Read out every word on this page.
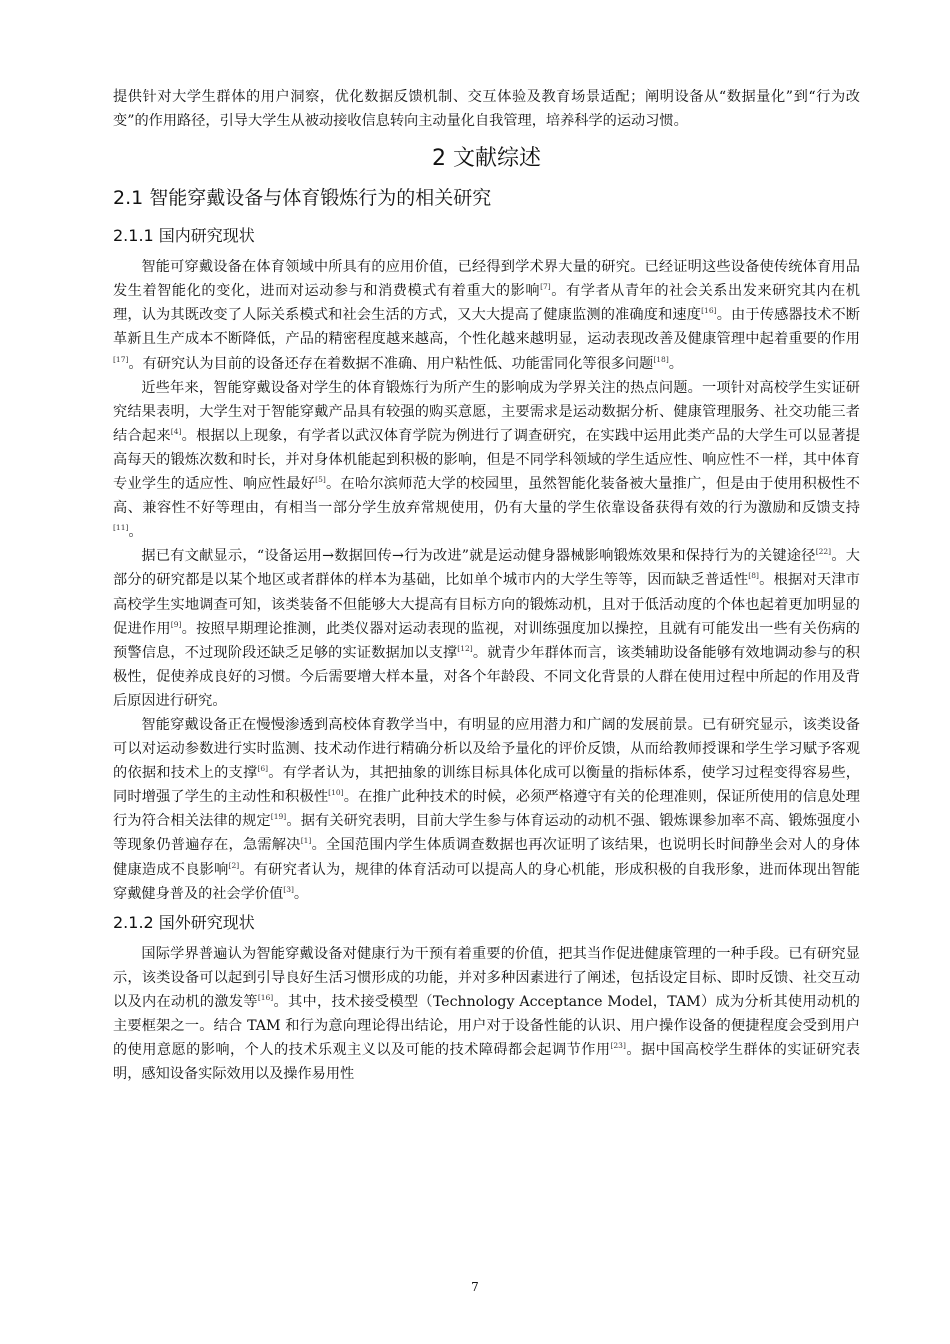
提供针对大学生群体的用户洞察，优化数据反馈机制、交互体验及教育场景适配；阐明设备从“数据量化”到“行为改变”的作用路径，引导大学生从被动接收信息转向主动量化自我管理，培养科学的运动习惯。

2 文献综述
2.1 智能穿戴设备与体育锻炼行为的相关研究
2.1.1 国内研究现状

智能可穿戴设备在体育领域中所具有的应用价值，已经得到学术界大量的研究。已经证明这些设备使传统体育用品发生着智能化的变化，进而对运动参与和消费模式有着重大的影响[7]。有学者从青年的社会关系出发来研究其内在机理，认为其既改变了人际关系模式和社会生活的方式，又大大提高了健康监测的准确度和速度[16]。由于传感器技术不断革新且生产成本不断降低，产品的精密程度越来越高，个性化越来越明显，运动表现改善及健康管理中起着重要的作用[17]。有研究认为目前的设备还存在着数据不准确、用户粘性低、功能雷同化等很多问题[18]。

近些年来，智能穿戴设备对学生的体育锻炼行为所产生的影响成为学界关注的热点问题。一项针对高校学生实证研究结果表明，大学生对于智能穿戴产品具有较强的购买意愿，主要需求是运动数据分析、健康管理服务、社交功能三者结合起来[4]。根据以上现象，有学者以武汉体育学院为例进行了调查研究，在实践中运用此类产品的大学生可以显著提高每天的锻炼次数和时长，并对身体机能起到积极的影响，但是不同学科领域的学生适应性、响应性不一样，其中体育专业学生的适应性、响应性最好[5]。在哈尔滨师范大学的校园里，虽然智能化装备被大量推广，但是由于使用积极性不高、兼容性不好等理由，有相当一部分学生放弃常规使用，仍有大量的学生依靠设备获得有效的行为激励和反馈支持[11]。

据已有文献显示，“设备运用→数据回传→行为改进”就是运动健身器械影响锻炼效果和保持行为的关键途径[22]。大部分的研究都是以某个地区或者群体的样本为基础，比如单个城市内的大学生等等，因而缺乏普适性[8]。根据对天津市高校学生实地调查可知，该类装备不但能够大大提高有目标方向的锻炼动机，且对于低活动度的个体也起着更加明显的促进作用[9]。按照早期理论推测，此类仪器对运动表现的监视，对训练强度加以操控，且就有可能发出一些有关伤病的预警信息，不过现阶段还缺乏足够的实证数据加以支撑[12]。就青少年群体而言，该类辅助设备能够有效地调动参与的积极性，促使养成良好的习惯。今后需要增大样本量，对各个年龄段、不同文化背景的人群在使用过程中所起的作用及背后原因进行研究。

智能穿戴设备正在慢慢渗透到高校体育教学当中，有明显的应用潜力和广阔的发展前景。已有研究显示，该类设备可以对运动参数进行实时监测、技术动作进行精确分析以及给予量化的评价反馈，从而给教师授课和学生学习赋予客观的依据和技术上的支撑[6]。有学者认为，其把抽象的训练目标具体化成可以衡量的指标体系，使学习过程变得容易些，同时增强了学生的主动性和积极性[10]。在推广此种技术的时候，必须严格遵守有关的伦理准则，保证所使用的信息处理行为符合相关法律的规定[19]。据有关研究表明，目前大学生参与体育运动的动机不强、锻炼课参加率不高、锻炼强度小等现象仍普遍存在，急需解决[1]。全国范围内学生体质调查数据也再次证明了该结果，也说明长时间静坐会对人的身体健康造成不良影响[2]。有研究者认为，规律的体育活动可以提高人的身心机能，形成积极的自我形象，进而体现出智能穿戴健身普及的社会学价值[3]。

2.1.2 国外研究现状

国际学界普遍认为智能穿戴设备对健康行为干预有着重要的价值，把其当作促进健康管理的一种手段。已有研究显示，该类设备可以起到引导良好生活习惯形成的功能，并对多种因素进行了阐述，包括设定目标、即时反馈、社交互动以及内在动机的激发等[16]。其中，技术接受模型（Technology Acceptance Model，TAM）成为分析其使用动机的主要框架之一。结合 TAM 和行为意向理论得出结论，用户对于设备性能的认识、用户操作设备的便捷程度会受到用户的使用意愿的影响，个人的技术乐观主义以及可能的技术障碍都会起调节作用[23]。据中国高校学生群体的实证研究表明，感知设备实际效用以及操作易用性

7
